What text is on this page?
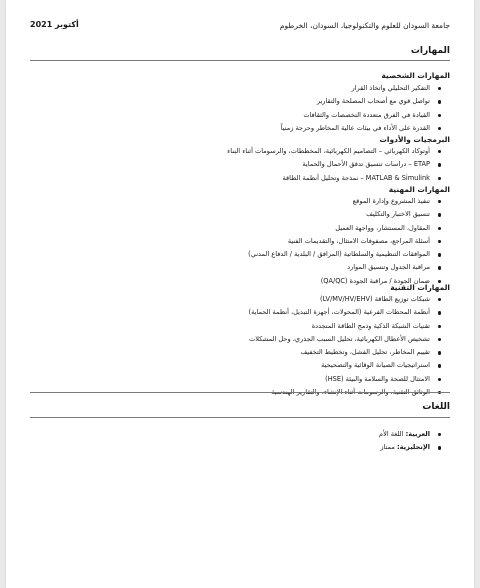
أكتوبر 2021	جامعة السودان للعلوم والتكنولوجيا، السودان، الخرطوم
المهارات
المهارات الشخصية
التفكير التحليلي واتخاذ القرار
تواصل قوي مع أصحاب المصلحة والتقارير
القيادة في الفرق متعددة التخصصات والثقافات
القدرة على الأداء في بيئات عالية المخاطر وحرجة زمنياً
البرمجيات والأدوات
أوتوكاد الكهربائي – التصاميم الكهربائية، المخططات، والرسومات أثناء البناء
ETAP – دراسات تنسيق تدفق الأحمال والحماية
MATLAB & Simulink – نمذجة وتحليل أنظمة الطاقة
المهارات المهنية
تنفيذ المشروع وإدارة الموقع
تنسيق الاختبار والتكليف
المقاول، المستشار، وواجهة العميل
أسئلة المراجع، مصفوفات الامتثال، والتقديمات الفنية
الموافقات التنظيمية والسلطاتية (المرافق / البلدية / الدفاع المدني)
مراقبة الجدول وتنسيق الموارد
ضمان الجودة / مراقبة الجودة (QA/QC)
المهارات التقنية
شبكات توزيع الطاقة (LV/MV/HV/EHV)
أنظمة المحطات الفرعية (المحولات، أجهزة التبديل، أنظمة الحماية)
تقنيات الشبكة الذكية ودمج الطاقة المتجددة
تشخيص الأعطال الكهربائية، تحليل السبب الجذري، وحل المشكلات
تقييم المخاطر، تحليل الفشل، وتخطيط التخفيف
استراتيجيات الصيانة الوقائية والتصحيحية
الامتثال للصحة والسلامة والبيئة (HSE)
الوثائق التقنية، والرسومات أثناء الإنشاء، والتقارير الهندسية
اللغات
العربية: اللغة الأم
الإنجليزية: ممتاز
